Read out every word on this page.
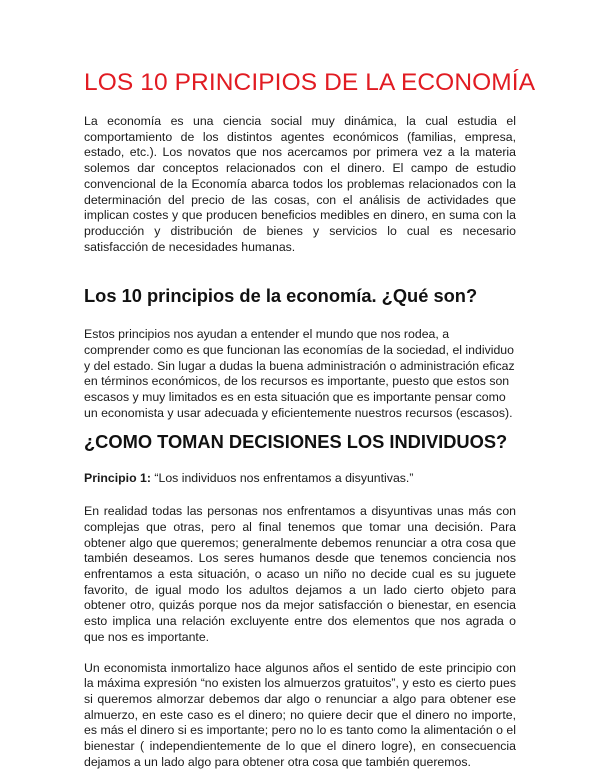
LOS 10 PRINCIPIOS DE LA ECONOMÍA

La economía es una ciencia social muy dinámica, la cual estudia el comportamiento de los distintos agentes económicos (familias, empresa, estado, etc.). Los novatos que nos acercamos por primera vez a la materia solemos dar conceptos relacionados con el dinero. El campo de estudio convencional de la Economía abarca todos los problemas relacionados con la determinación del precio de las cosas, con el análisis de actividades que implican costes y que producen beneficios medibles en dinero, en suma con la producción y distribución de bienes y servicios lo cual es necesario satisfacción de necesidades humanas.

Los 10 principios de la economía. ¿Qué son?

Estos principios nos ayudan a entender el mundo que nos rodea, a comprender como es que funcionan las economías de la sociedad, el individuo y del estado. Sin lugar a dudas la buena administración o administración eficaz en términos económicos, de los recursos es importante, puesto que estos son escasos y muy limitados es en esta situación que es importante pensar como un economista y usar adecuada y eficientemente nuestros recursos (escasos).

¿COMO TOMAN DECISIONES LOS INDIVIDUOS?

Principio 1: “Los individuos nos enfrentamos a disyuntivas.”

En realidad todas las personas nos enfrentamos a disyuntivas unas más con complejas que otras, pero al final tenemos que tomar una decisión. Para obtener algo que queremos; generalmente debemos renunciar a otra cosa que también deseamos. Los seres humanos desde que tenemos conciencia nos enfrentamos a esta situación, o acaso un niño no decide cual es su juguete favorito, de igual modo los adultos dejamos a un lado cierto objeto para obtener otro, quizás porque nos da mejor satisfacción o bienestar, en esencia esto implica una relación excluyente entre dos elementos que nos agrada o que nos es importante.

Un economista inmortalizo hace algunos años el sentido de este principio con la máxima expresión “no existen los almuerzos gratuitos”, y esto es cierto pues si queremos almorzar debemos dar algo o renunciar a algo para obtener ese almuerzo, en este caso es el dinero; no quiere decir que el dinero no importe, es más el dinero si es importante; pero no lo es tanto como la alimentación o el bienestar ( independientemente de lo que el dinero logre), en consecuencia dejamos a un lado algo para obtener otra cosa que también queremos.
